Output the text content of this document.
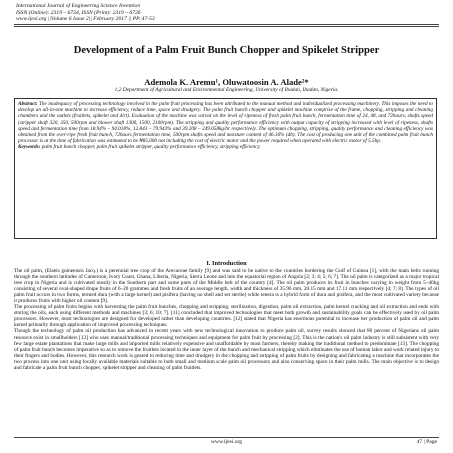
International Journal of Engineering Science Invention
ISSN (Online): 2319 – 6734, ISSN (Print): 2319 – 6726
www.ijesi.org ||Volume 6 Issue 2|| February 2017 || PP. 47-53
Development of a Palm Fruit Bunch Chopper and Spikelet Stripper
Ademola K. Aremu¹, Oluwatoosin A. Alade²*
1,2 Department of Agricultural and Environmental Engineering, University of Ibadan, Ibadan, Nigeria.

Abstract: The inadequacy of processing technology involved in the palm fruit processing has been attributed to the manual method and individualized processing machinery. This imposes the need to develop an all-in-one machine to increase efficiency, reduce time, space and drudgery. The palm fruit bunch chopper and spikelet machine comprise of the frame, chopping, stripping and cleaning chambers and the outlets (fruitlets, spikelet and dirt). Evaluation of the machine was varied on the level of ripeness of fresh palm fruit bunch, fermentation time of 24, 48, and 72hours, shafts speed (stripper shaft 320, 350, 500rpm and blower shaft 1300, 1500, 2100rpm). The stripping and quality performance efficiency with output capacity of stripping increased with level of ripeness, shafts speed and fermentation time from 18.94% – 94.018%, 12.843 – 79.943% and 39.208 – 249.058kg/hr respectively. The optimum chopping, stripping, quality performance and cleaning efficiency was obtained from the over-ripe fresh fruit bunch, 72hours fermentation time, 500rpm shafts speed and moisture content of 46.16% (db). The cost of producing one unit of the combined palm fruit bunch processor is at the time of fabrication was estimated to be ₦85,000 not including the cost of electric motor and the power required when operated with electric motor of 5.5hp.

Keywords: palm fruit bunch chopper, palm fruit spikelet stripper, quality performance efficiency, stripping efficiency.

I. Introduction

The oil palm, (Elaeis guineensis Jacq.) is a perennial tree crop of the Arecaceae family [9] and was said to be native to the countries bordering the Gulf of Guinea [1], with the main belts running through the southern latitudes of Cameroon, Ivory Coast, Ghana, Liberia, Nigeria, Sierra Leone and into the equatorial region of Angola [2; 3; 4; 5; 6; 7]. The oil palm is categorized as a major tropical tree crop in Nigeria and is cultivated mostly in the Southern part and some parts of the Middle belt of the country [4]. The oil palm produces its fruit in bunches varying in weight from 5–40kg consisting of several oval-shaped drupe fruits of 6–20 grammes and fresh fruits of an average length, width and thickness of 35.96 mm, 20.15 mm and 17.11 mm respectively [4; 7; 8]. The types of oil palm fruit occurs in two forms, termed dura (with a large kernel) and pisifera (having no shell and set sterile) while tenera is a hybrid form of dura and pisifera, and the most cultivated variety because it produces fruits with higher oil content [9].

The processing of palm fruits begins with harvesting the palm fruit bunches, chopping and stripping, sterilization, digestion, palm oil extraction, palm kernel cracking and oil extraction and ends with storing the oils, each using different methods and machines [3; 6; 10; 7]. [11] concluded that improved technologies that meet both growth and sustainability goals can be effectively used by oil palm processors. However, most technologies are designed for developed rather than developing countries. [12] stated that Nigeria has enormous potential to increase her production of palm oil and palm kernel primarily through application of improved processing techniques.

Though the technology of palm oil production has advanced in recent years with new technological innovation to produce palm oil, survey results showed that 80 percent of Nigerians oil palm resource exist in smallholders [13] who uses manual/traditional processing techniques and equipment for palm fruit by processing [2]. This is the nation's oil palm industry is still subsistent with very few large estate plantations that make large mills and imported mills relatively expensive and unaffordable by most farmers, thereby making the traditional method to predominate [13]. The chopping of palm fruit bunch becomes imperative so as to remove the fruitlets located in the inner layer of the bunch and mechanical stripping which eliminates the use of human labor and work related injury to their fingers and bodies. However, this research work is geared to reducing time and drudgery in the chopping and stripping of palm fruits by designing and fabricating a machine that incorporates the two process into one unit using locally available materials suitable to both small and medium scale palm oil processors and also conserving space in their palm mills. The main objective is to design and fabricate a palm fruit bunch chopper, spikelet stripper and cleaning of palm fruitlets.

www.ijesi.org	47 | Page
